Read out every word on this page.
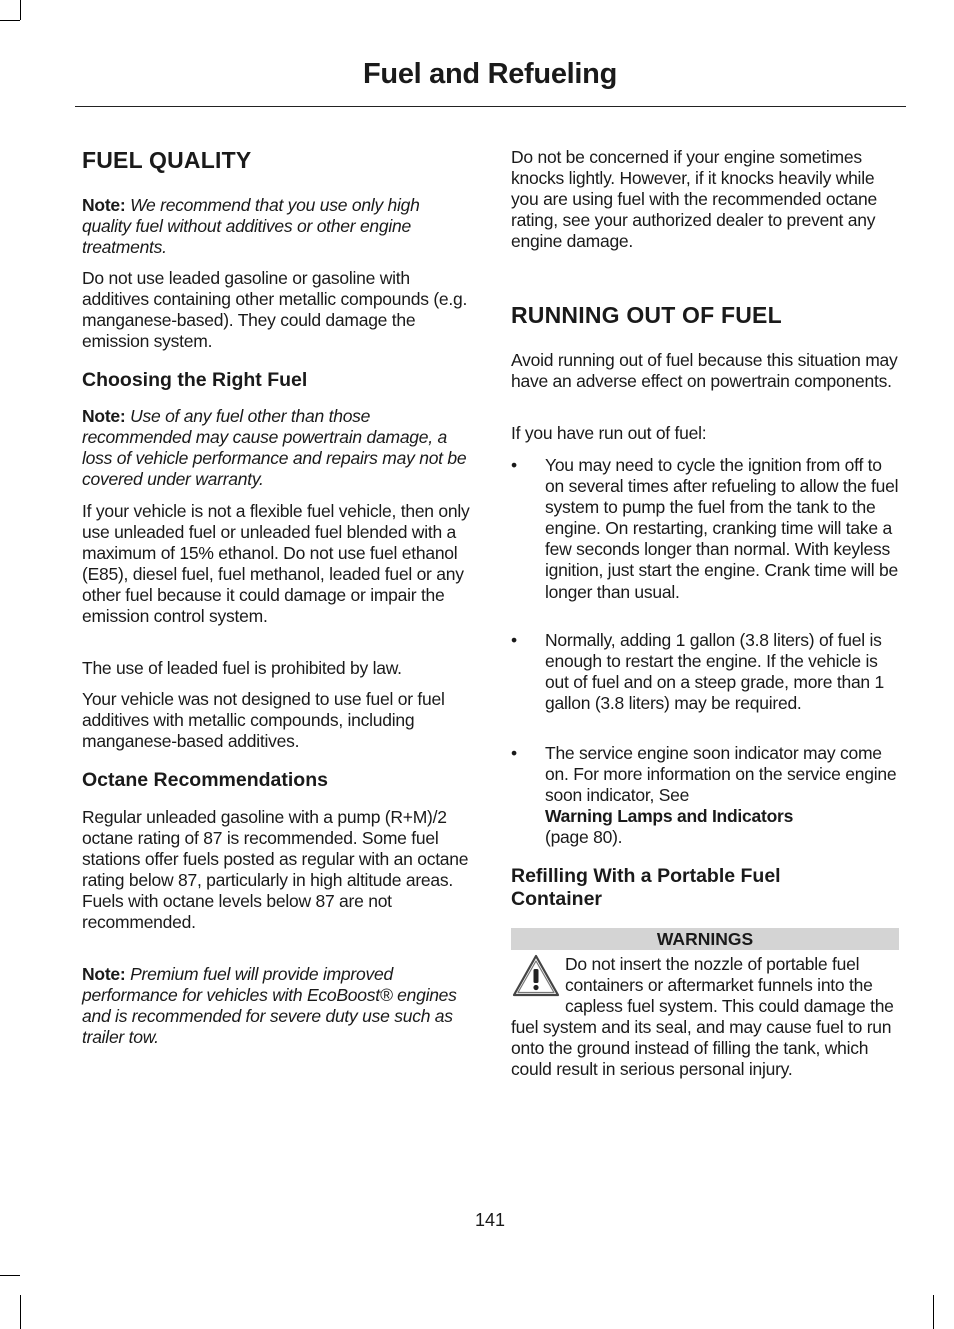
Fuel and Refueling
FUEL QUALITY

Note: We recommend that you use only high quality fuel without additives or other engine treatments.

Do not use leaded gasoline or gasoline with additives containing other metallic compounds (e.g. manganese-based). They could damage the emission system.

Choosing the Right Fuel

Note: Use of any fuel other than those recommended may cause powertrain damage, a loss of vehicle performance and repairs may not be covered under warranty.

If your vehicle is not a flexible fuel vehicle, then only use unleaded fuel or unleaded fuel blended with a maximum of 15% ethanol. Do not use fuel ethanol (E85), diesel fuel, fuel methanol, leaded fuel or any other fuel because it could damage or impair the emission control system.

The use of leaded fuel is prohibited by law.

Your vehicle was not designed to use fuel or fuel additives with metallic compounds, including manganese-based additives.

Octane Recommendations

Regular unleaded gasoline with a pump (R+M)/2 octane rating of 87 is recommended. Some fuel stations offer fuels posted as regular with an octane rating below 87, particularly in high altitude areas. Fuels with octane levels below 87 are not recommended.

Note: Premium fuel will provide improved performance for vehicles with EcoBoost® engines and is recommended for severe duty use such as trailer tow.

Do not be concerned if your engine sometimes knocks lightly. However, if it knocks heavily while you are using fuel with the recommended octane rating, see your authorized dealer to prevent any engine damage.

RUNNING OUT OF FUEL

Avoid running out of fuel because this situation may have an adverse effect on powertrain components.

If you have run out of fuel:

• You may need to cycle the ignition from off to on several times after refueling to allow the fuel system to pump the fuel from the tank to the engine. On restarting, cranking time will take a few seconds longer than normal. With keyless ignition, just start the engine. Crank time will be longer than usual.
• Normally, adding 1 gallon (3.8 liters) of fuel is enough to restart the engine. If the vehicle is out of fuel and on a steep grade, more than 1 gallon (3.8 liters) may be required.
• The service engine soon indicator may come on. For more information on the service engine soon indicator, See
Warning Lamps and Indicators
(page 80).
Refilling With a Portable Fuel Container
WARNINGS
Do not insert the nozzle of portable fuel containers or aftermarket funnels into the capless fuel system. This could damage the fuel system and its seal, and may cause fuel to run onto the ground instead of filling the tank, which could result in serious personal injury.
141
